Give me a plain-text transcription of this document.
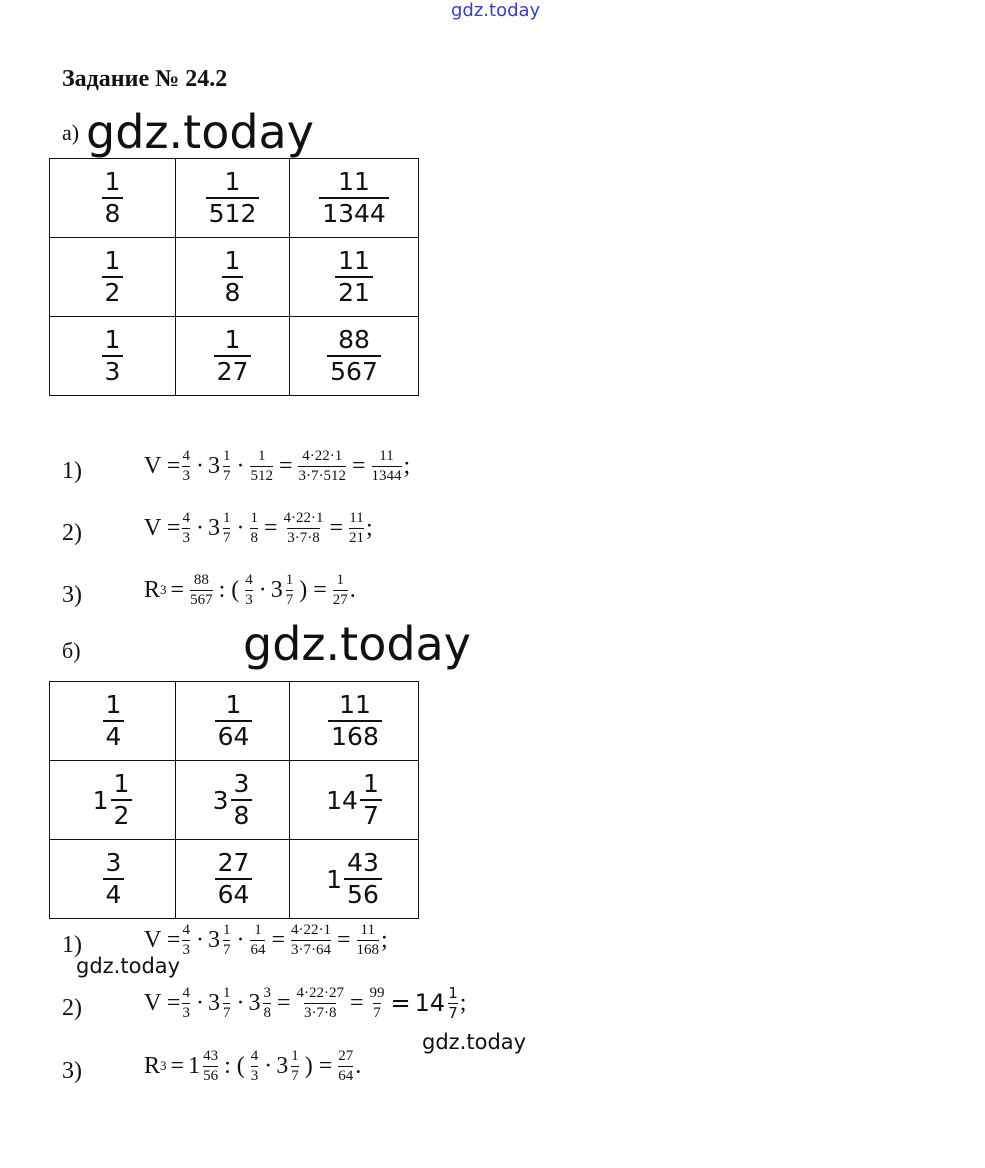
gdz.today
gdz.today
gdz.today
gdz.today
gdz.today
Задание № 24.2
а)
$\frac{1}{8}$	$\frac{1}{512}$	$\frac{11}{1344}$

$\frac{1}{2}$	$\frac{1}{8}$	$\frac{11}{21}$

$\frac{1}{3}$	$\frac{1}{27}$	$\frac{88}{567}$
1)	$V = \frac{4}{3} \cdot 3 \frac{1}{7} \cdot \frac{1}{512} = \frac{4\cdot 22\cdot 1}{3\cdot 7\cdot 512} = \frac{11}{1344}$ ;
2)	$V = \frac{4}{3} \cdot 3 \frac{1}{7} \cdot \frac{1}{8} = \frac{4\cdot 22\cdot 1}{3\cdot 7\cdot 8} = \frac{11}{21}$ ;
3)	R $3 = \frac{88}{567}$ : ( $\frac{4}{3} \cdot 3 \frac{1}{7}$ ) = $\frac{1}{27}$ .
б)
$\frac{1}{4}$	$\frac{1}{64}$	$\frac{11}{168}$

$1 \frac{1}{2}$	$3 \frac{3}{8}$	$14 \frac{1}{7}$

$\frac{3}{4}$	$\frac{27}{64}$	$1 \frac{43}{56}$
1)	$V = \frac{4}{3} \cdot 3 \frac{1}{7} \cdot \frac{1}{64} = \frac{4\cdot 22\cdot 1}{3\cdot 7\cdot 64} = \frac{11}{168}$ ;
2)	$V = \frac{4}{3} \cdot 3 \frac{1}{7} \cdot 3 \frac{3}{8} = \frac{4\cdot 22\cdot 27}{3\cdot 7\cdot 8} = \frac{99}{7} = 14 \frac{1}{7}$ ;
3)	R $3 = 1 \frac{43}{56}$ : ( $\frac{4}{3} \cdot 3 \frac{1}{7}$ ) = $\frac{27}{64}$ .
